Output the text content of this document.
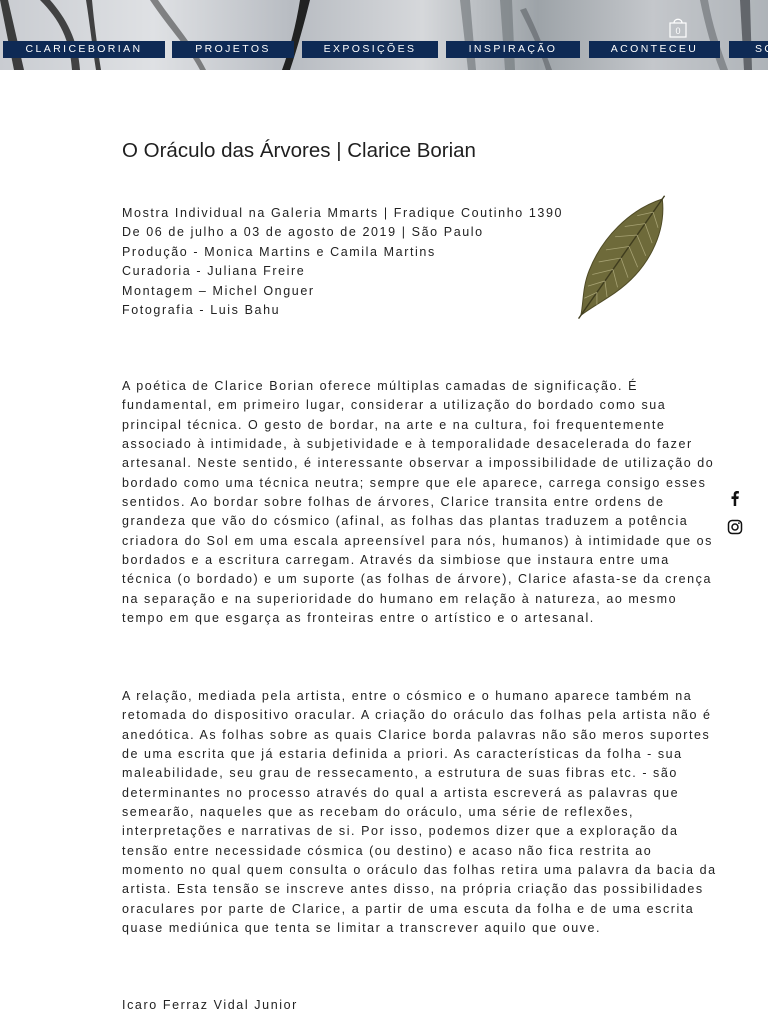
0
CLARICEBORIAN	PROJETOS	EXPOSIÇÕES	INSPIRAÇÃO	ACONTECEU	SO
O Oráculo das Árvores | Clarice Borian
Mostra Individual na Galeria Mmarts | Fradique Coutinho 1390
De 06 de julho a 03 de agosto de 2019 | São Paulo
Produção - Monica Martins e Camila Martins
Curadoria - Juliana Freire
Montagem – Michel Onguer
Fotografia - Luis Bahu

A poética de Clarice Borian oferece múltiplas camadas de significação. É fundamental, em primeiro lugar, considerar a utilização do bordado como sua principal técnica. O gesto de bordar, na arte e na cultura, foi frequentemente associado à intimidade, à subjetividade e à temporalidade desacelerada do fazer artesanal. Neste sentido, é interessante observar a impossibilidade de utilização do bordado como uma técnica neutra; sempre que ele aparece, carrega consigo esses sentidos. Ao bordar sobre folhas de árvores, Clarice transita entre ordens de grandeza que vão do cósmico (afinal, as folhas das plantas traduzem a potência criadora do Sol em uma escala apreensível para nós, humanos) à intimidade que os bordados e a escritura carregam. Através da simbiose que instaura entre uma técnica (o bordado) e um suporte (as folhas de árvore), Clarice afasta-se da crença na separação e na superioridade do humano em relação à natureza, ao mesmo tempo em que esgarça as fronteiras entre o artístico e o artesanal.

A relação, mediada pela artista, entre o cósmico e o humano aparece também na retomada do dispositivo oracular. A criação do oráculo das folhas pela artista não é anedótica. As folhas sobre as quais Clarice borda palavras não são meros suportes de uma escrita que já estaria definida a priori. As características da folha - sua maleabilidade, seu grau de ressecamento, a estrutura de suas fibras etc. - são determinantes no processo através do qual a artista escreverá as palavras que semearão, naqueles que as recebam do oráculo, uma série de reflexões, interpretações e narrativas de si. Por isso, podemos dizer que a exploração da tensão entre necessidade cósmica (ou destino) e acaso não fica restrita ao momento no qual quem consulta o oráculo das folhas retira uma palavra da bacia da artista. Esta tensão se inscreve antes disso, na própria criação das possibilidades oraculares por parte de Clarice, a partir de uma escuta da folha e de uma escrita quase mediúnica que tenta se limitar a transcrever aquilo que ouve.

Icaro Ferraz Vidal Junior
